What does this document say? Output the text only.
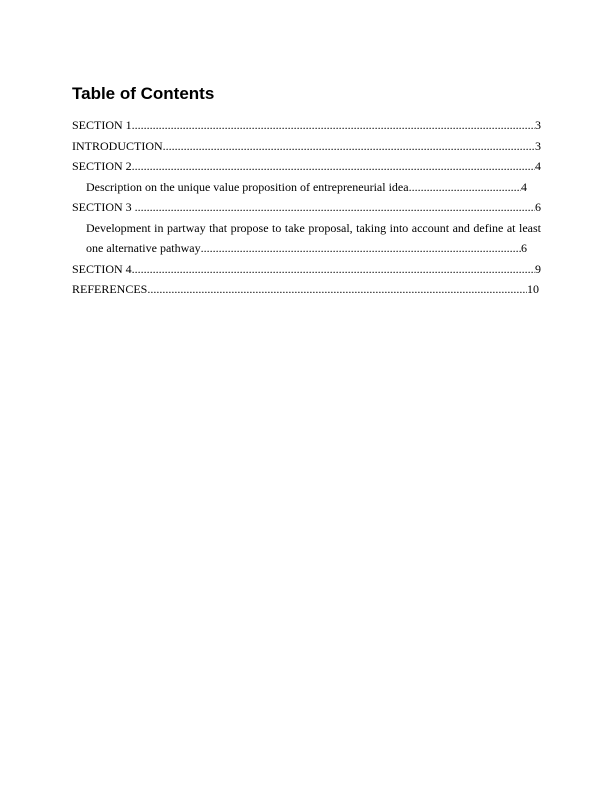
Table of Contents
SECTION 1 .....	3
INTRODUCTION .....	3
SECTION 2 .....	4
Description on the unique value proposition of entrepreneurial idea .....	4
SECTION 3 .....	6
Development in partway that propose to take proposal, taking into account and define at least
one alternative pathway .....	6
SECTION 4 .....	9
REFERENCES .....	10
